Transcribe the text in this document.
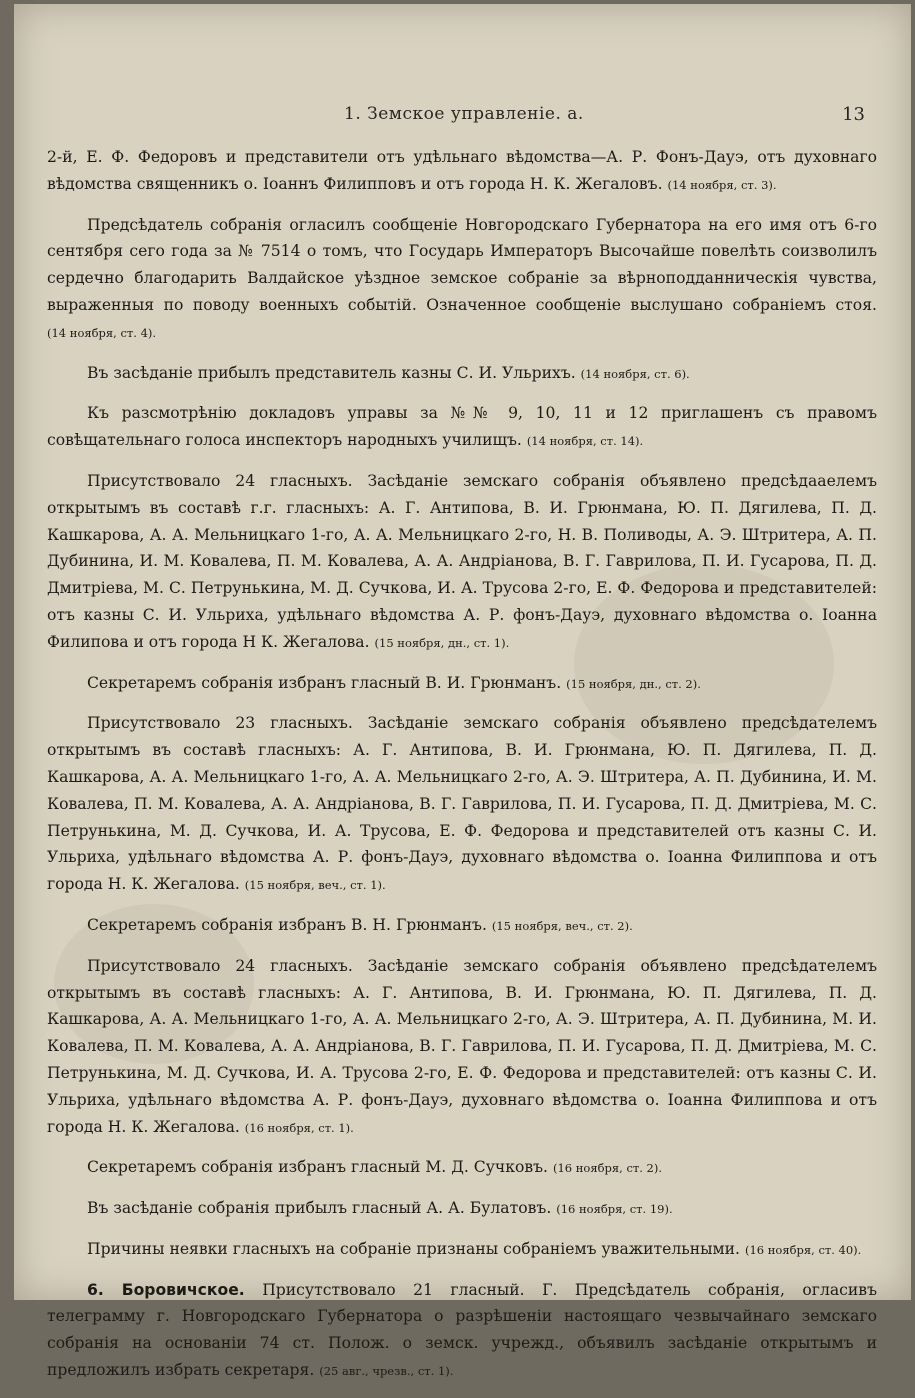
1. Земское управленіе. а.	13

2-й, Е. Ф. Федоровъ и представители отъ удѣльнаго вѣдомства—А. Р. Фонъ-Дауэ, отъ духовнаго вѣдомства священникъ о. Іоаннъ Филипповъ и отъ города Н. К. Жегаловъ. (14 ноября, ст. 3).

Предсѣдатель собранія огласилъ сообщеніе Новгородскаго Губернатора на его имя отъ 6-го сентября сего года за № 7514 о томъ, что Государь Императоръ Высочайше повелѣть соизволилъ сердечно благодарить Валдайское уѣздное земское собраніе за вѣрноподданническія чувства, выраженныя по поводу военныхъ событій. Означенное сообщеніе выслушано собраніемъ стоя. (14 ноября, ст. 4).

Въ засѣданіе прибылъ представитель казны С. И. Ульрихъ. (14 ноября, ст. 6).

Къ разсмотрѣнію докладовъ управы за №№ 9, 10, 11 и 12 приглашенъ съ правомъ совѣщательнаго голоса инспекторъ народныхъ училищъ. (14 ноября, ст. 14).

Присутствовало 24 гласныхъ. Засѣданіе земскаго собранія объявлено предсѣдаaелемъ открытымъ въ составѣ г.г. гласныхъ: А. Г. Антипова, В. И. Грюнмана, Ю. П. Дягилева, П. Д. Кашкарова, А. А. Мельницкаго 1-го, А. А. Мельницкаго 2-го, Н. В. Поливоды, А. Э. Штритера, А. П. Дубинина, И. М. Ковалева, П. М. Ковалева, А. А. Андріанова, В. Г. Гаврилова, П. И. Гусарова, П. Д. Дмитріева, М. С. Петрунькина, М. Д. Сучкова, И. А. Трусова 2-го, Е. Ф. Федорова и представителей: отъ казны С. И. Ульриха, удѣльнаго вѣдомства А. Р. фонъ-Дауэ, духовнаго вѣдомства о. Іоанна Филипова и отъ города Н К. Жегалова. (15 ноября, дн., ст. 1).

Секретаремъ собранія избранъ гласный В. И. Грюнманъ. (15 ноября, дн., ст. 2).

Присутствовало 23 гласныхъ. Засѣданіе земскаго собранія объявлено предсѣдателемъ открытымъ въ составѣ гласныхъ: А. Г. Антипова, В. И. Грюнмана, Ю. П. Дягилева, П. Д. Кашкарова, А. А. Мельницкаго 1-го, А. А. Мельницкаго 2-го, А. Э. Штритера, А. П. Дубинина, И. М. Ковалева, П. М. Ковалева, А. А. Андріанова, В. Г. Гаврилова, П. И. Гусарова, П. Д. Дмитріева, М. С. Петрунькина, М. Д. Сучкова, И. А. Трусова, Е. Ф. Федорова и представителей отъ казны С. И. Ульриха, удѣльнаго вѣдомства А. Р. фонъ-Дауэ, духовнаго вѣдомства о. Іоанна Филиппова и отъ города Н. К. Жегалова. (15 ноября, веч., ст. 1).

Секретаремъ собранія избранъ В. Н. Грюнманъ. (15 ноября, веч., ст. 2).

Присутствовало 24 гласныхъ. Засѣданіе земскаго собранія объявлено предсѣдателемъ открытымъ въ составѣ гласныхъ: А. Г. Антипова, В. И. Грюнмана, Ю. П. Дягилева, П. Д. Кашкарова, А. А. Мельницкаго 1-го, А. А. Мельницкаго 2-го, А. Э. Штритера, А. П. Дубинина, М. И. Ковалева, П. М. Ковалева, А. А. Андріанова, В. Г. Гаврилова, П. И. Гусарова, П. Д. Дмитріева, М. С. Петрунькина, М. Д. Сучкова, И. А. Трусова 2-го, Е. Ф. Федорова и представителей: отъ казны С. И. Ульриха, удѣльнаго вѣдомства А. Р. фонъ-Дауэ, духовнаго вѣдомства о. Іоанна Филиппова и отъ города Н. К. Жегалова. (16 ноября, ст. 1).

Секретаремъ собранія избранъ гласный М. Д. Сучковъ. (16 ноября, ст. 2).

Въ засѣданіе собранія прибылъ гласный А. А. Булатовъ. (16 ноября, ст. 19).

Причины неявки гласныхъ на собраніе признаны собраніемъ уважительными. (16 ноября, ст. 40).

6. Боровичское. Присутствовало 21 гласный. Г. Предсѣдатель собранія, огласивъ телеграмму г. Новгородскаго Губернатора о разрѣшеніи настоящаго чезвычайнаго земскаго собранія на основаніи 74 ст. Полож. о земск. учрежд., объявилъ засѣданіе открытымъ и предложилъ избрать секретаря. (25 авг., чрезв., ст. 1).
